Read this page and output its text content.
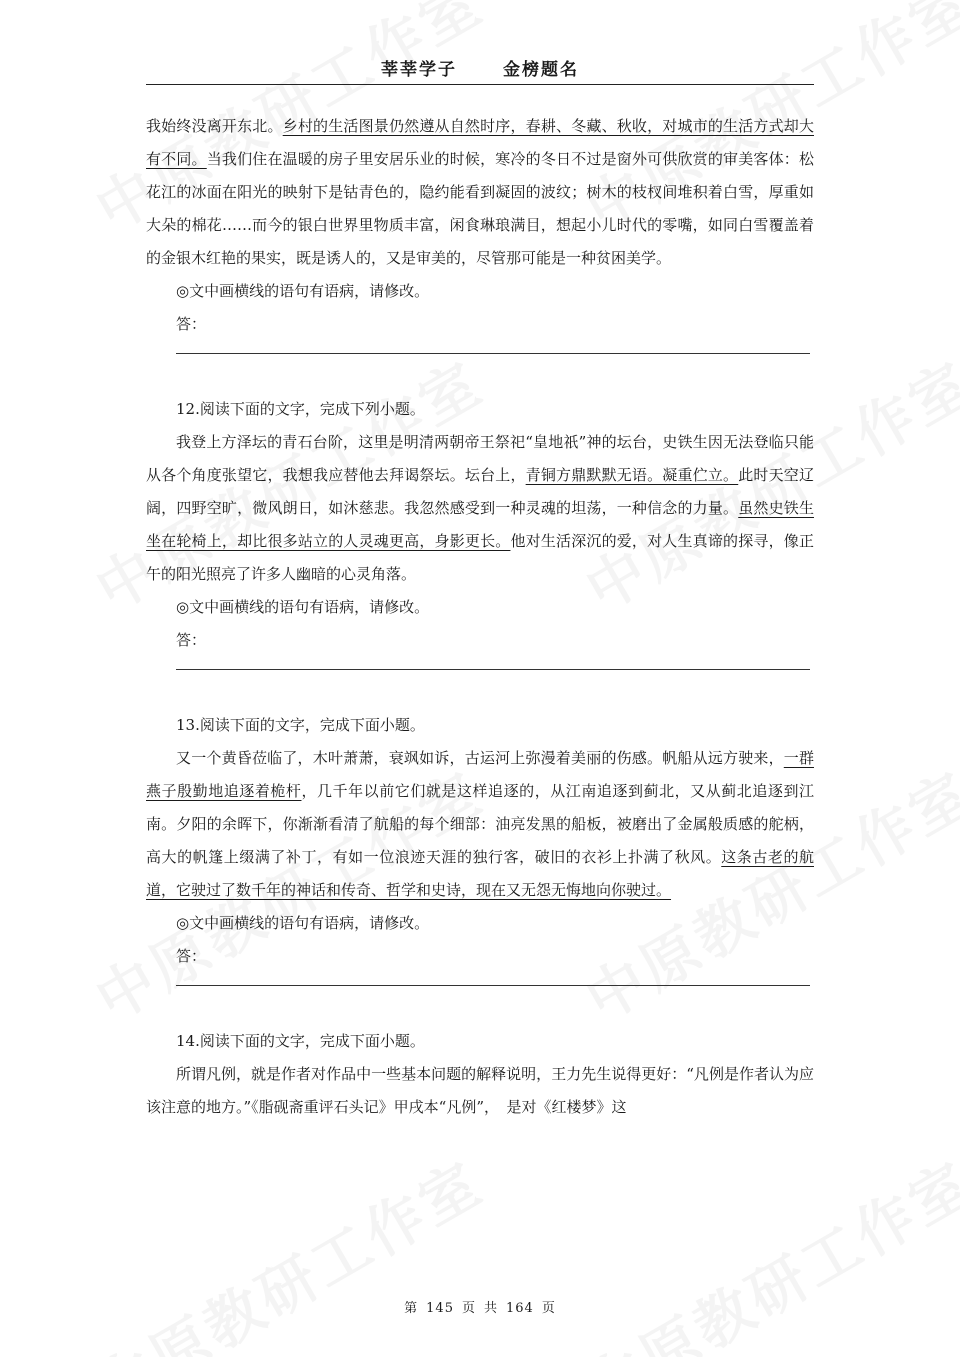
莘莘学子	金榜题名

我始终没离开东北。乡村的生活图景仍然遵从自然时序，春耕、冬藏、秋收，对城市的生活方式却大有不同。当我们住在温暖的房子里安居乐业的时候，寒冷的冬日不过是窗外可供欣赏的审美客体：松花江的冰面在阳光的映射下是钴青色的，隐约能看到凝固的波纹；树木的枝杈间堆积着白雪，厚重如大朵的棉花……而今的银白世界里物质丰富，闲食琳琅满目，想起小儿时代的零嘴，如同白雪覆盖着的金银木红艳的果实，既是诱人的，又是审美的，尽管那可能是一种贫困美学。

◎文中画横线的语句有语病，请修改。

答：

12.阅读下面的文字，完成下列小题。

我登上方泽坛的青石台阶，这里是明清两朝帝王祭祀“皇地祇”神的坛台，史铁生因无法登临只能从各个角度张望它，我想我应替他去拜谒祭坛。坛台上，青铜方鼎默默无语。凝重伫立。此时天空辽阔，四野空旷，微风朗日，如沐慈悲。我忽然感受到一种灵魂的坦荡，一种信念的力量。虽然史铁生坐在轮椅上，却比很多站立的人灵魂更高，身影更长。他对生活深沉的爱，对人生真谛的探寻，像正午的阳光照亮了许多人幽暗的心灵角落。

◎文中画横线的语句有语病，请修改。

答：

13.阅读下面的文字，完成下面小题。

又一个黄昏莅临了，木叶萧萧，衰飒如诉，古运河上弥漫着美丽的伤感。帆船从远方驶来，一群燕子殷勤地追逐着桅杆，几千年以前它们就是这样追逐的，从江南追逐到蓟北，又从蓟北追逐到江南。夕阳的余晖下，你渐渐看清了航船的每个细部：油亮发黑的船板，被磨出了金属般质感的舵柄，高大的帆篷上缀满了补丁，有如一位浪迹天涯的独行客，破旧的衣衫上扑满了秋风。这条古老的航道，它驶过了数千年的神话和传奇、哲学和史诗，现在又无怨无悔地向你驶过。

◎文中画横线的语句有语病，请修改。

答：

14.阅读下面的文字，完成下面小题。

所谓凡例，就是作者对作品中一些基本问题的解释说明，王力先生说得更好：“凡例是作者认为应该注意的地方。”《脂砚斋重评石头记》甲戌本“凡例”，　是对《红楼梦》这

第 145 页 共 164 页
